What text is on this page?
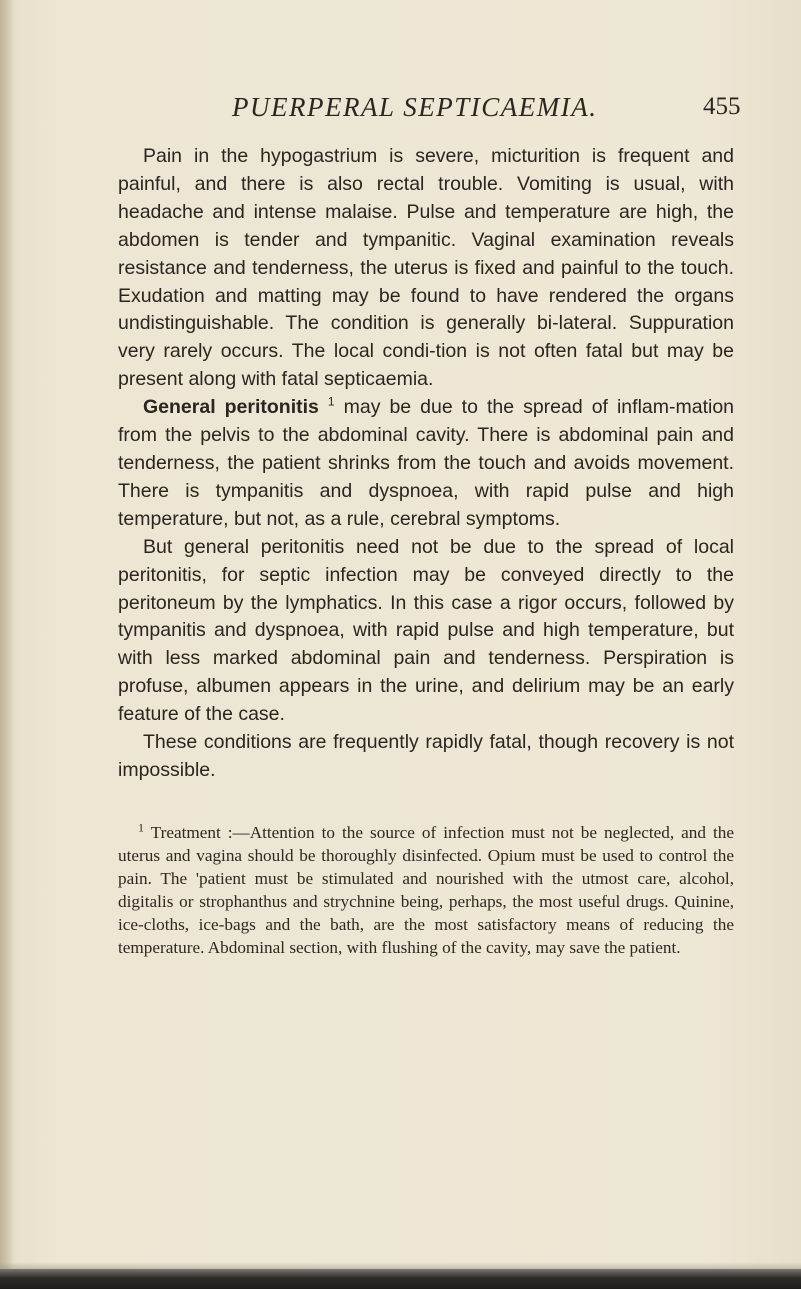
PUERPERAL SEPTICAEMIA.	455

Pain in the hypogastrium is severe, micturition is frequent and painful, and there is also rectal trouble. Vomiting is usual, with headache and intense malaise. Pulse and temperature are high, the abdomen is tender and tympanitic. Vaginal examination reveals resistance and tenderness, the uterus is fixed and painful to the touch. Exudation and matting may be found to have rendered the organs undistinguishable. The condition is generally bi-lateral. Suppuration very rarely occurs. The local condi-tion is not often fatal but may be present along with fatal septicaemia.

General peritonitis $^1$ may be due to the spread of inflam-mation from the pelvis to the abdominal cavity. There is abdominal pain and tenderness, the patient shrinks from the touch and avoids movement. There is tympanitis and dyspnoea, with rapid pulse and high temperature, but not, as a rule, cerebral symptoms.

But general peritonitis need not be due to the spread of local peritonitis, for septic infection may be conveyed directly to the peritoneum by the lymphatics. In this case a rigor occurs, followed by tympanitis and dyspnoea, with rapid pulse and high temperature, but with less marked abdominal pain and tenderness. Perspiration is profuse, albumen appears in the urine, and delirium may be an early feature of the case.

These conditions are frequently rapidly fatal, though recovery is not impossible.

$^1$ Treatment :—Attention to the source of infection must not be neglected, and the uterus and vagina should be thoroughly disinfected. Opium must be used to control the pain. The 'patient must be stimulated and nourished with the utmost care, alcohol, digitalis or strophanthus and strychnine being, perhaps, the most useful drugs. Quinine, ice-cloths, ice-bags and the bath, are the most satisfactory means of reducing the temperature. Abdominal section, with flushing of the cavity, may save the patient.
